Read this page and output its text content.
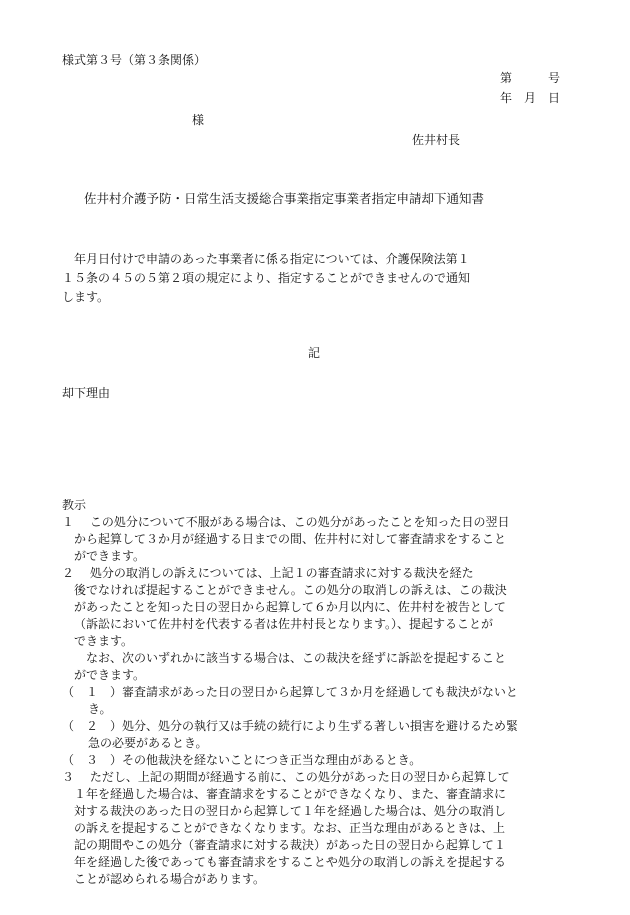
様式第３号（第３条関係）
第　　　号
年　月　日
様
佐井村長
佐井村介護予防・日常生活支援総合事業指定事業者指定申請却下通知書

　年月日付けで申請のあった事業者に係る指定については、介護保険法第１

１５条の４５の５第２項の規定により、指定することができませんので通知

します。

記
却下理由

教示

１　 この処分について不服がある場合は、この処分があったことを知った日の翌日

から起算して３か月が経過する日までの間、佐井村に対して審査請求をすること

ができます。

２　 処分の取消しの訴えについては、上記１の審査請求に対する裁決を経た

後でなければ提起することができません。この処分の取消しの訴えは、この裁決

があったことを知った日の翌日から起算して６か月以内に、佐井村を被告として

（訴訟において佐井村を代表する者は佐井村長となります。）、提起することが

できます。

　なお、次のいずれかに該当する場合は、この裁決を経ずに訴訟を提起すること

ができます。

（　１　）審査請求があった日の翌日から起算して３か月を経過しても裁決がないと

き。

（　２　）処分、処分の執行又は手続の続行により生ずる著しい損害を避けるため緊

急の必要があるとき。

（　３　）その他裁決を経ないことにつき正当な理由があるとき。

３　 ただし、上記の期間が経過する前に、この処分があった日の翌日から起算して

１年を経過した場合は、審査請求をすることができなくなり、また、審査請求に

対する裁決のあった日の翌日から起算して１年を経過した場合は、処分の取消し

の訴えを提起することができなくなります。なお、正当な理由があるときは、上

記の期間やこの処分（審査請求に対する裁決）があった日の翌日から起算して１

年を経過した後であっても審査請求をすることや処分の取消しの訴えを提起する

ことが認められる場合があります。
